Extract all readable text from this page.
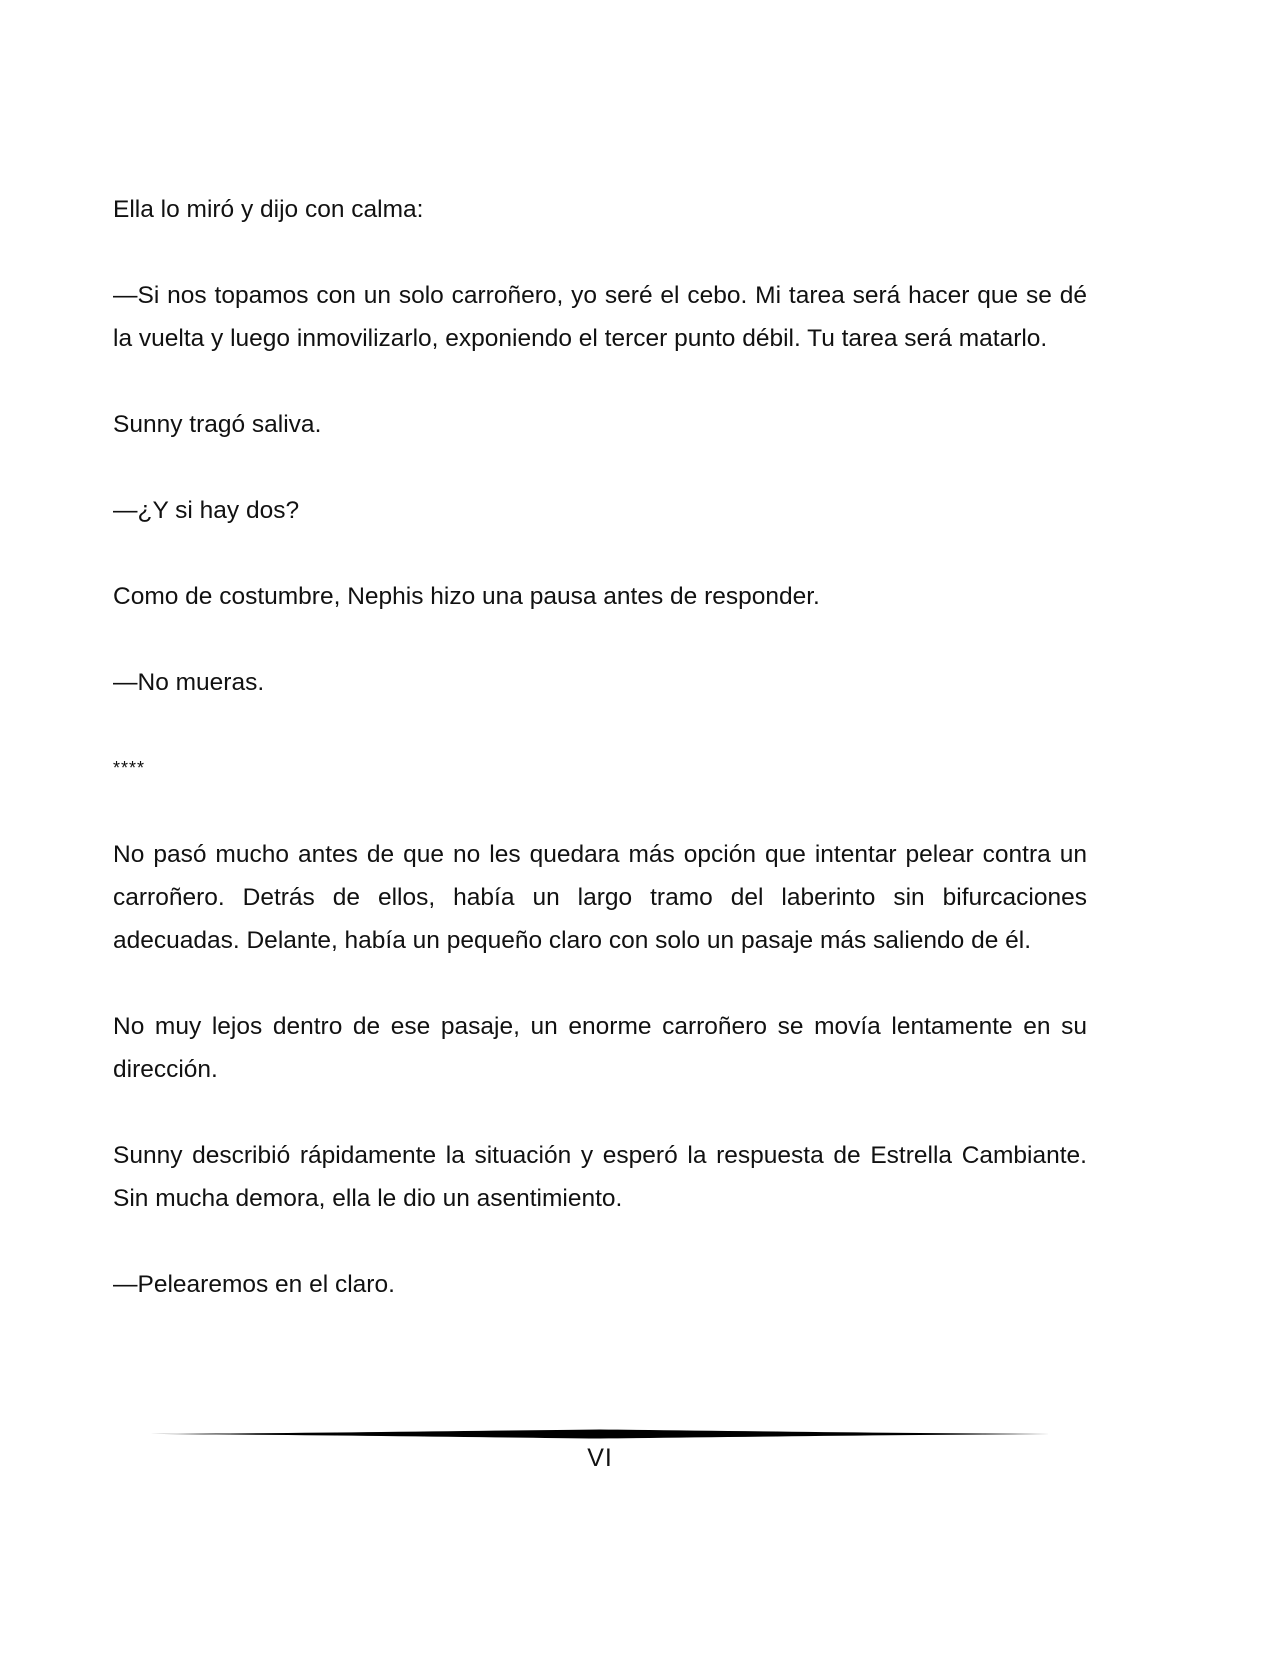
Ella lo miró y dijo con calma:

—Si nos topamos con un solo carroñero, yo seré el cebo. Mi tarea será hacer que se dé la vuelta y luego inmovilizarlo, exponiendo el tercer punto débil. Tu tarea será matarlo.

Sunny tragó saliva.

—¿Y si hay dos?

Como de costumbre, Nephis hizo una pausa antes de responder.

—No mueras.

****

No pasó mucho antes de que no les quedara más opción que intentar pelear contra un carroñero. Detrás de ellos, había un largo tramo del laberinto sin bifurcaciones adecuadas. Delante, había un pequeño claro con solo un pasaje más saliendo de él.

No muy lejos dentro de ese pasaje, un enorme carroñero se movía lentamente en su dirección.

Sunny describió rápidamente la situación y esperó la respuesta de Estrella Cambiante. Sin mucha demora, ella le dio un asentimiento.

—Pelearemos en el claro.

VI
